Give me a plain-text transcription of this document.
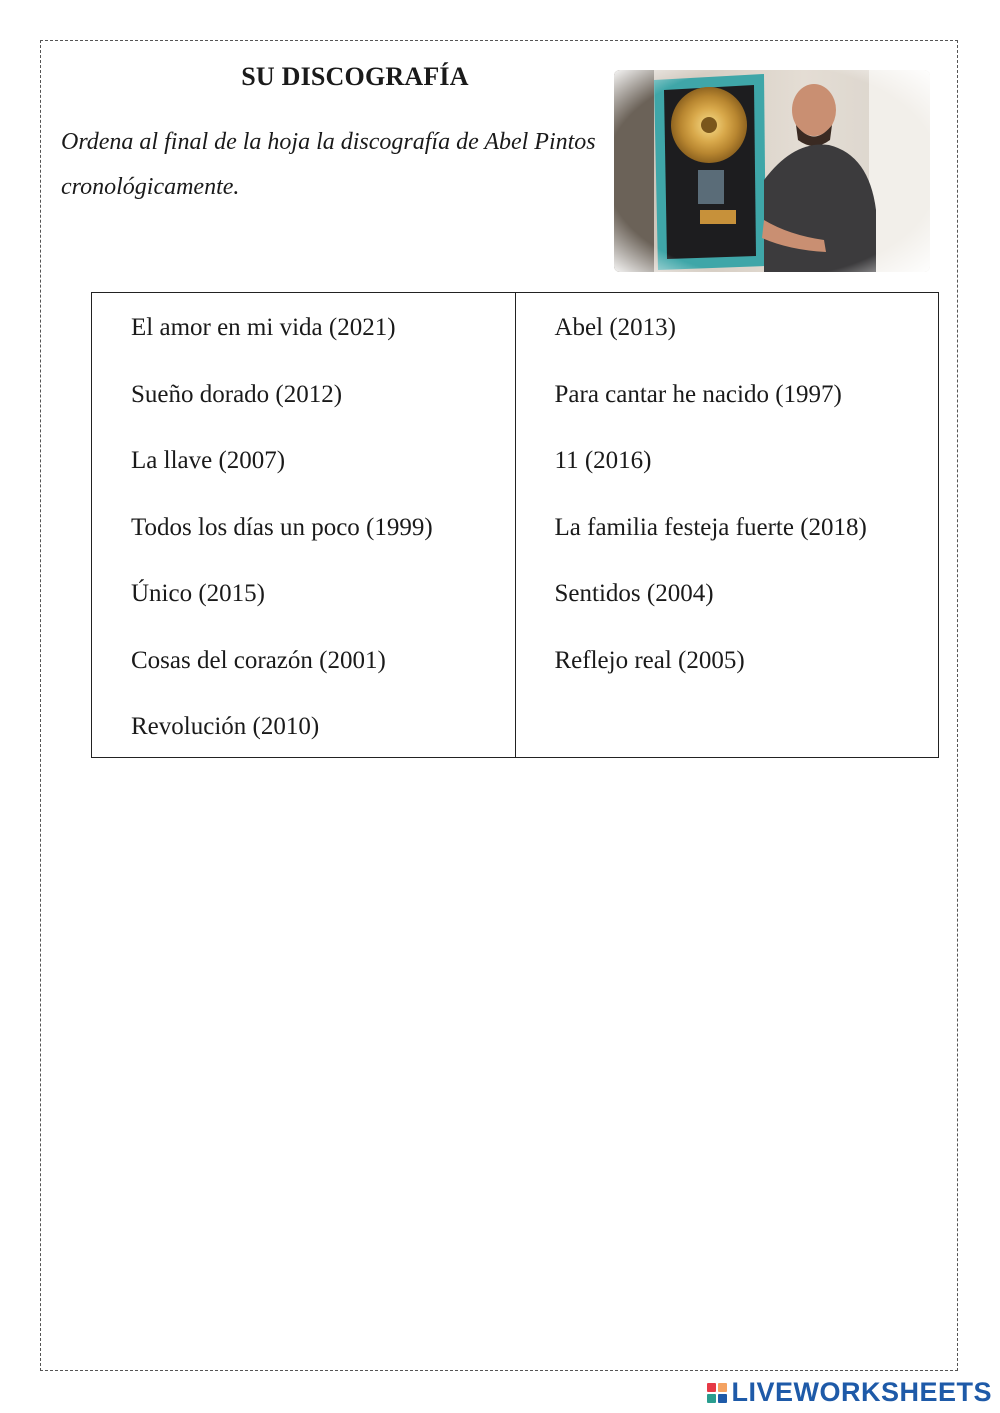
SU DISCOGRAFÍA
Ordena al final de la hoja la discografía de Abel Pintos cronológicamente.
El amor en mi vida (2021)
Sueño dorado (2012)
La llave (2007)
Todos los días un poco (1999)
Único (2015)
Cosas del corazón (2001)
Revolución (2010)
Abel (2013)
Para cantar he nacido (1997)
11 (2016)
La familia festeja fuerte (2018)
Sentidos (2004)
Reflejo real (2005)
LIVEWORKSHEETS
